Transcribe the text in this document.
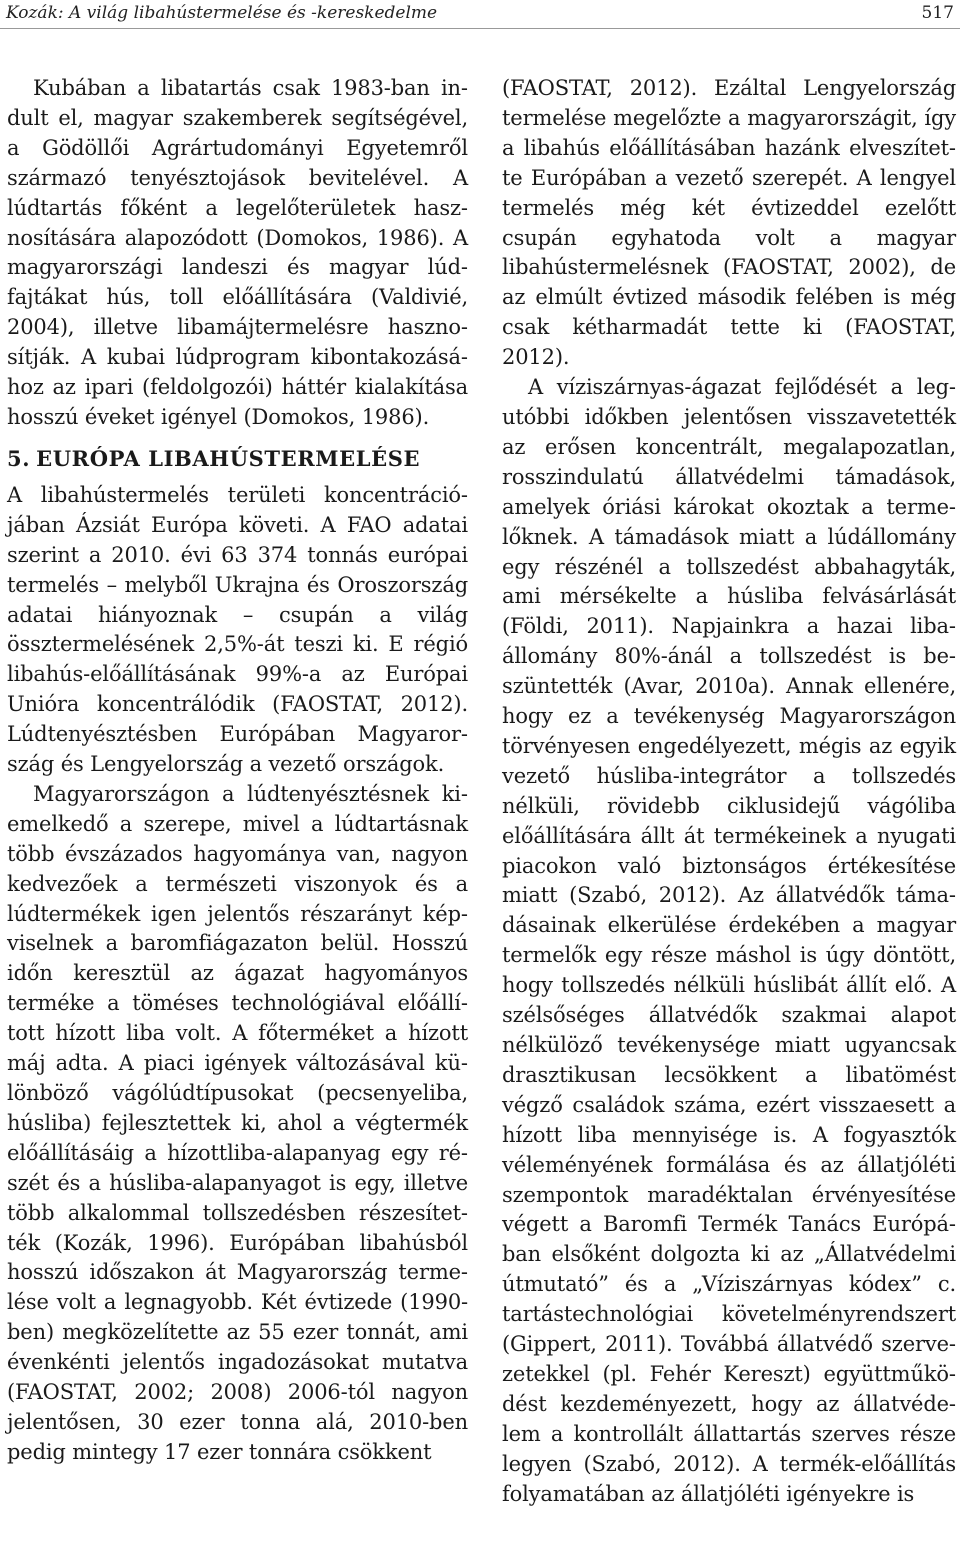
Kozák: A világ libahústermelése és -kereskedelme	517

Kubában a libatartás csak 1983-ban indult el, magyar szakemberek segítségével, a Gödöllői Agrártudományi Egyetemről származó tenyésztojások bevitelével. A lúdtartás főként a legelőterületek hasznosítására alapozódott (Domokos, 1986). A magyarországi landeszi és magyar lúdfajtákat hús, toll előállítására (Valdivié, 2004), illetve libamájtermelésre hasznosítják. A kubai lúdprogram kibontakozásához az ipari (feldolgozói) háttér kialakítása hosszú éveket igényel (Domokos, 1986).

5. EURÓPA LIBAHÚSTERMELÉSE

A libahústermelés területi koncentrációjában Ázsiát Európa követi. A FAO adatai szerint a 2010. évi 63 374 tonnás európai termelés – melyből Ukrajna és Oroszország adatai hiányoznak – csupán a világ össztermelésének 2,5%-át teszi ki. E régió libahús-előállításának 99%-a az Európai Unióra koncentrálódik (FAOSTAT, 2012). Lúdtenyésztésben Európában Magyarország és Lengyelország a vezető országok.

Magyarországon a lúdtenyésztésnek kiemelkedő a szerepe, mivel a lúdtartásnak több évszázados hagyománya van, nagyon kedvezőek a természeti viszonyok és a lúdtermékek igen jelentős részarányt képviselnek a baromfiágazaton belül. Hosszú időn keresztül az ágazat hagyományos terméke a töméses technológiával előállított hízott liba volt. A főterméket a hízott máj adta. A piaci igények változásával különböző vágólúdtípusokat (pecsenyeliba, húsliba) fejlesztettek ki, ahol a végtermék előállításáig a hízottliba-alapanyag egy részét és a húsliba-alapanyagot is egy, illetve több alkalommal tollszedésben részesítették (Kozák, 1996). Európában libahúsból hosszú időszakon át Magyarország termelése volt a legnagyobb. Két évtizede (1990-ben) megközelítette az 55 ezer tonnát, ami évenkénti jelentős ingadozásokat mutatva (FAOSTAT, 2002; 2008) 2006-tól nagyon jelentősen, 30 ezer tonna alá, 2010-ben pedig mintegy 17 ezer tonnára csökkent

(FAOSTAT, 2012). Ezáltal Lengyelország termelése megelőzte a magyarországit, így a libahús előállításában hazánk elveszítette Európában a vezető szerepét. A lengyel termelés még két évtizeddel ezelőtt csupán egyhatoda volt a magyar libahústermelésnek (FAOSTAT, 2002), de az elmúlt évtized második felében is még csak kétharmadát tette ki (FAOSTAT, 2012).

A víziszárnyas-ágazat fejlődését a legutóbbi időkben jelentősen visszavetették az erősen koncentrált, megalapozatlan, rosszindulatú állatvédelmi támadások, amelyek óriási károkat okoztak a termelőknek. A támadások miatt a lúdállomány egy részénél a tollszedést abbahagyták, ami mérsékelte a húsliba felvásárlását (Földi, 2011). Napjainkra a hazai libaállomány 80%-ánál a tollszedést is beszüntették (Avar, 2010a). Annak ellenére, hogy ez a tevékenység Magyarországon törvényesen engedélyezett, mégis az egyik vezető húsliba-integrátor a tollszedés nélküli, rövidebb ciklusidejű vágóliba előállítására állt át termékeinek a nyugati piacokon való biztonságos értékesítése miatt (Szabó, 2012). Az állatvédők támadásainak elkerülése érdekében a magyar termelők egy része máshol is úgy döntött, hogy tollszedés nélküli húslibát állít elő. A szélsőséges állatvédők szakmai alapot nélkülöző tevékenysége miatt ugyancsak drasztikusan lecsökkent a libatömést végző családok száma, ezért visszaesett a hízott liba mennyisége is. A fogyasztók véleményének formálása és az állatjóléti szempontok maradéktalan érvényesítése végett a Baromfi Termék Tanács Európában elsőként dolgozta ki az „Állatvédelmi útmutató” és a „Víziszárnyas kódex” c. tartástechnológiai követelményrendszert (Gippert, 2011). Továbbá állatvédő szervezetekkel (pl. Fehér Kereszt) együttműködést kezdeményezett, hogy az állatvédelem a kontrollált állattartás szerves része legyen (Szabó, 2012). A termék-előállítás folyamatában az állatjóléti igényekre is
